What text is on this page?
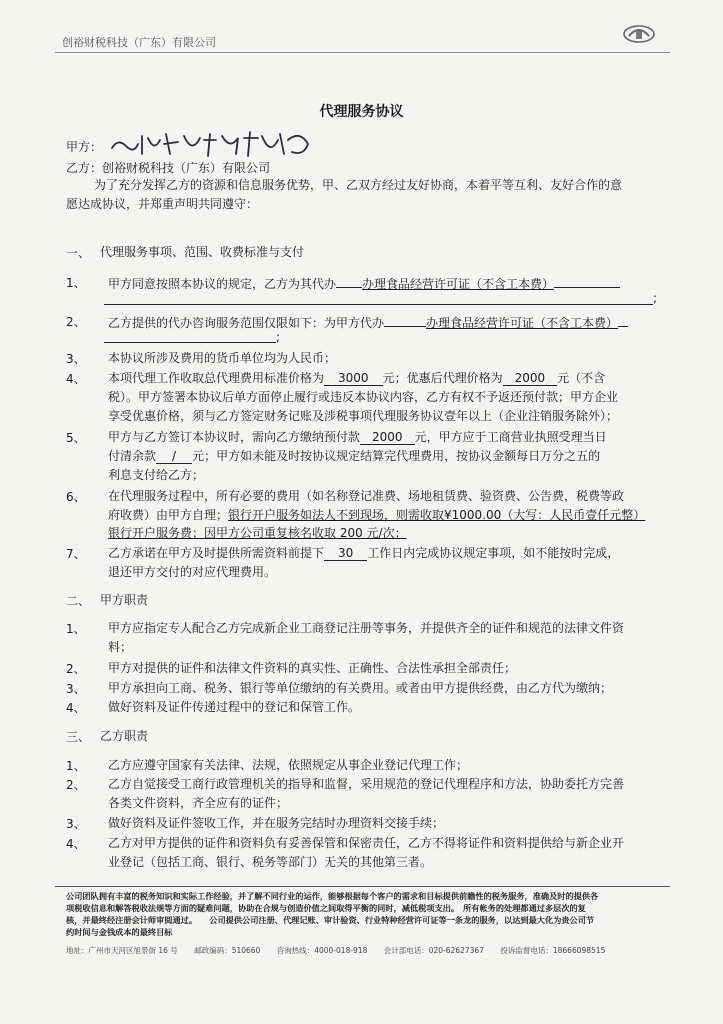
创裕财税科技（广东）有限公司
代理服务协议
甲方：
乙方：创裕财税科技（广东）有限公司
为了充分发挥乙方的资源和信息服务优势，甲、乙双方经过友好协商，本着平等互利、友好合作的意
愿达成协议，并郑重声明共同遵守：
一、 代理服务事项、范围、收费标准与支付
1、 甲方同意按照本协议的规定，乙方为其代办 办理食品经营许可证（不含工本费）
;
2、 乙方提供的代办咨询服务范围仅限如下：为甲方代办	办理食品经营许可证（不含工本费）
;
3、 本协议所涉及费用的货币单位均为人民币；
4、 本项代理工作收取总代理费用标准价格为 3000 元；优惠后代理价格为 2000 元（不含
税）。甲方签署本协议后单方面停止履行或违反本协议内容，乙方有权不予返还预付款；甲方企业
享受优惠价格，须与乙方签定财务记账及涉税事项代理服务协议壹年以上（企业注销服务除外）；
5、 甲方与乙方签订本协议时，需向乙方缴纳预付款 2000 元，甲方应于工商营业执照受理当日
付清余款 / 元；甲方如未能及时按协议规定结算完代理费用，按协议金额每日万分之五的
利息支付给乙方；
6、 在代理服务过程中，所有必要的费用（如名称登记准费、场地租赁费、验资费、公告费，税费等政
府收费）由甲方自理；银行开户服务如法人不到现场，则需收取¥1000.00（大写：人民币壹仟元整）
银行开户服务费；因甲方公司重复核名收取 200 元/次；
7、 乙方承诺在甲方及时提供所需资料前提下 30 工作日内完成协议规定事项，如不能按时完成，
退还甲方交付的对应代理费用。
二、 甲方职责
1、 甲方应指定专人配合乙方完成新企业工商登记注册等事务，并提供齐全的证件和规范的法律文件资
料；
2、 甲方对提供的证件和法律文件资料的真实性、正确性、合法性承担全部责任；
3、 甲方承担向工商、税务、银行等单位缴纳的有关费用。或者由甲方提供经费，由乙方代为缴纳；
4、 做好资料及证件传递过程中的登记和保管工作。
三、 乙方职责
1、 乙方应遵守国家有关法律、法规，依照规定从事企业登记代理工作；
2、 乙方自觉接受工商行政管理机关的指导和监督，采用规范的登记代理程序和方法，协助委托方完善
各类文件资料，齐全应有的证件；
3、 做好资料及证件签收工作，并在服务完结时办理资料交接手续；
4、 乙方对甲方提供的证件和资料负有妥善保管和保密责任，乙方不得将证件和资料提供给与新企业开
业登记（包括工商、银行、税务等部门）无关的其他第三者。
公司团队拥有丰富的税务知识和实际工作经验，并了解不同行业的运作，能够根据每个客户的需求和目标提供前瞻性的税务服务，准确及时的提供各
项税收信息和解答税收法规等方面的疑难问题，协助在合规与创造价值之间取得平衡的同时，减低税项支出。　所有帐务的处理都通过多层次的复
核，并最终经注册会计师审阅通过。　　公司提供公司注册、代理记账、审计验资、行业特种经营许可证等一条龙的服务，以达到最大化为贵公司节
约时间与金钱成本的最终目标
地址：广州市天河区旭景街 16 号 邮政编码：510660 咨询热线：4000-018-918 会计部电话：020-62627367 投诉监督电话：18666098515
